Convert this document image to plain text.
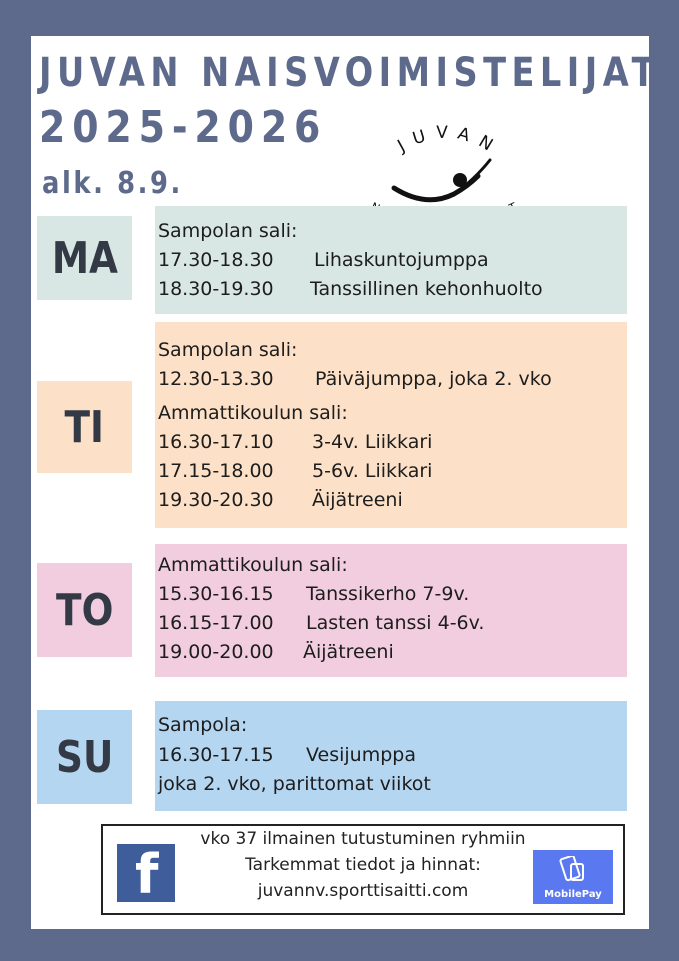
JUVAN NAISVOIMISTELIJAT
2025-2026
alk. 8.9.
JUVAN
MA
Sampolan sali:
17.30-18.30 Lihaskuntojumppa
18.30-19.30 Tanssillinen kehonhuolto
TI
Sampolan sali:
12.30-13.30 Päiväjumppa, joka 2. vko
Ammattikoulun sali:
16.30-17.10 3-4v. Liikkari
17.15-18.00 5-6v. Liikkari
19.30-20.30 Äijätreeni
TO
Ammattikoulun sali:
15.30-16.15 Tanssikerho 7-9v.
16.15-17.00 Lasten tanssi 4-6v.
19.00-20.00 Äijätreeni
SU
Sampola:
16.30-17.15 Vesijumppa
joka 2. vko, parittomat viikot
f
vko 37 ilmainen tutustuminen ryhmiin
Tarkemmat tiedot ja hinnat:
juvannv.sporttisaitti.com	MobilePay
